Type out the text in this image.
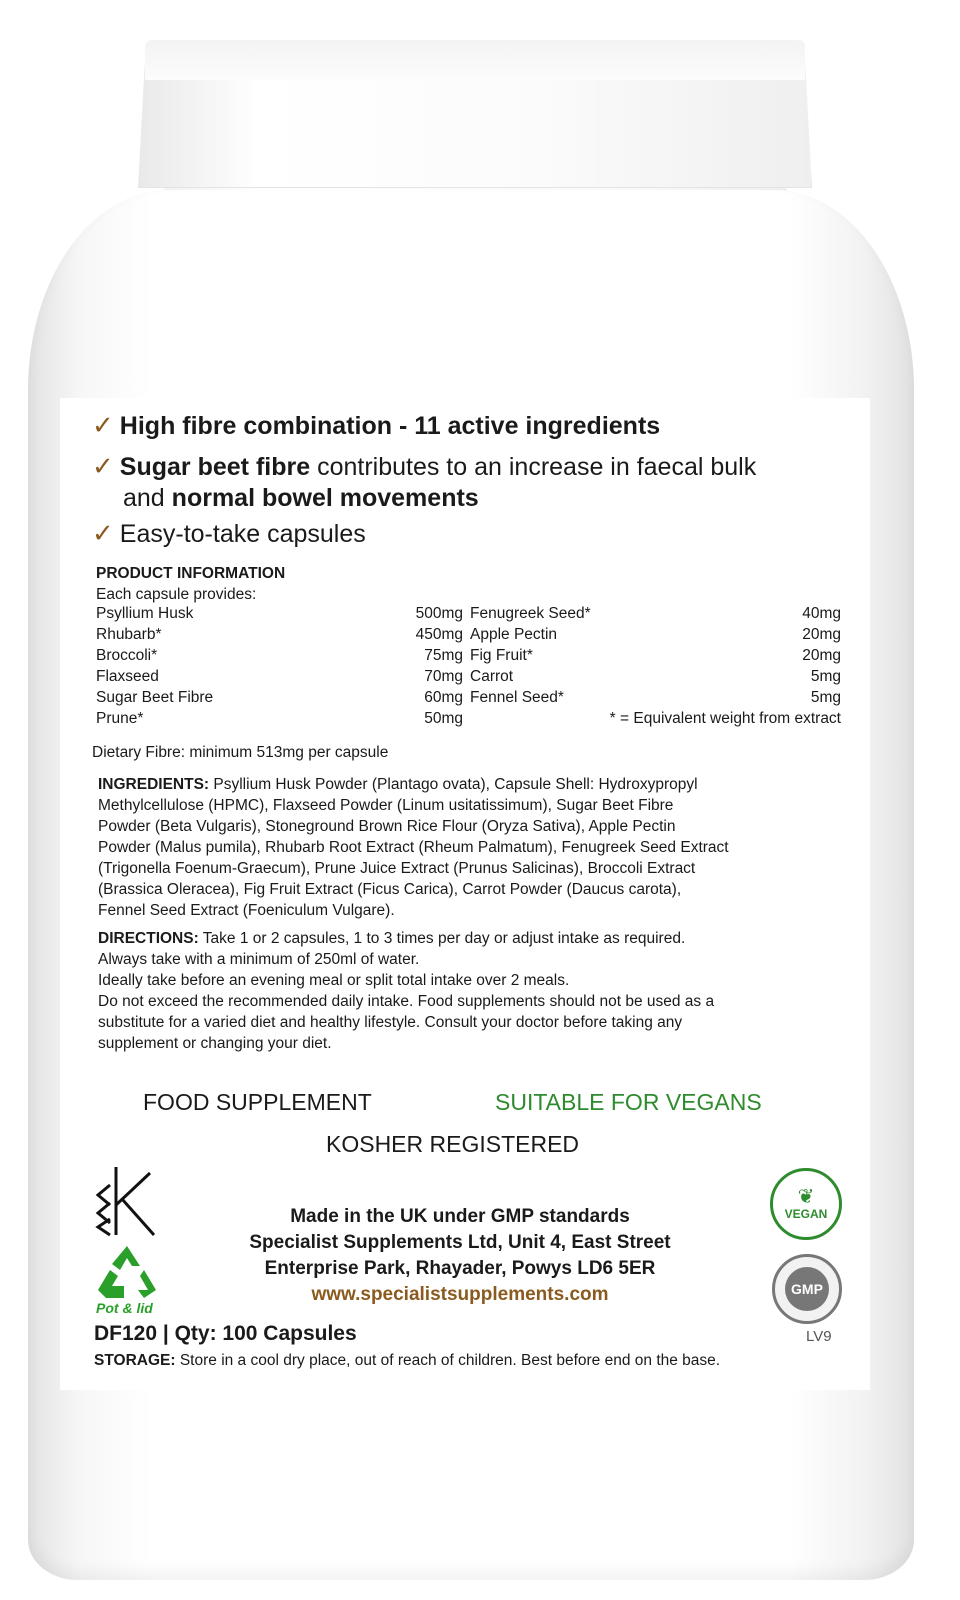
✓ High fibre combination - 11 active ingredients
✓ Sugar beet fibre contributes to an increase in faecal bulk
and normal bowel movements
✓ Easy-to-take capsules
PRODUCT INFORMATION
Each capsule provides:
Psyllium Husk	500mg Fenugreek Seed*	40mg
Rhubarb*	450mg Apple Pectin	20mg
Broccoli*	75mg Fig Fruit*	20mg
Flaxseed	70mg Carrot	5mg
Sugar Beet Fibre	60mg Fennel Seed*	5mg
Prune*	50mg	* = Equivalent weight from extract
Dietary Fibre: minimum 513mg per capsule
INGREDIENTS: Psyllium Husk Powder (Plantago ovata), Capsule Shell: Hydroxypropyl
Methylcellulose (HPMC), Flaxseed Powder (Linum usitatissimum), Sugar Beet Fibre
Powder (Beta Vulgaris), Stoneground Brown Rice Flour (Oryza Sativa), Apple Pectin
Powder (Malus pumila), Rhubarb Root Extract (Rheum Palmatum), Fenugreek Seed Extract
(Trigonella Foenum-Graecum), Prune Juice Extract (Prunus Salicinas), Broccoli Extract
(Brassica Oleracea), Fig Fruit Extract (Ficus Carica), Carrot Powder (Daucus carota),
Fennel Seed Extract (Foeniculum Vulgare).
DIRECTIONS: Take 1 or 2 capsules, 1 to 3 times per day or adjust intake as required.
Always take with a minimum of 250ml of water.
Ideally take before an evening meal or split total intake over 2 meals.
Do not exceed the recommended daily intake. Food supplements should not be used as a
substitute for a varied diet and healthy lifestyle. Consult your doctor before taking any
supplement or changing your diet.
FOOD SUPPLEMENT	SUITABLE FOR VEGANS
KOSHER REGISTERED
Pot & lid
Made in the UK under GMP standards
Specialist Supplements Ltd, Unit 4, East Street
Enterprise Park, Rhayader, Powys LD6 5ER
www.specialistsupplements.com
❦
VEGAN
GMP
DF120 | Qty: 100 Capsules	LV9
STORAGE: Store in a cool dry place, out of reach of children. Best before end on the base.
